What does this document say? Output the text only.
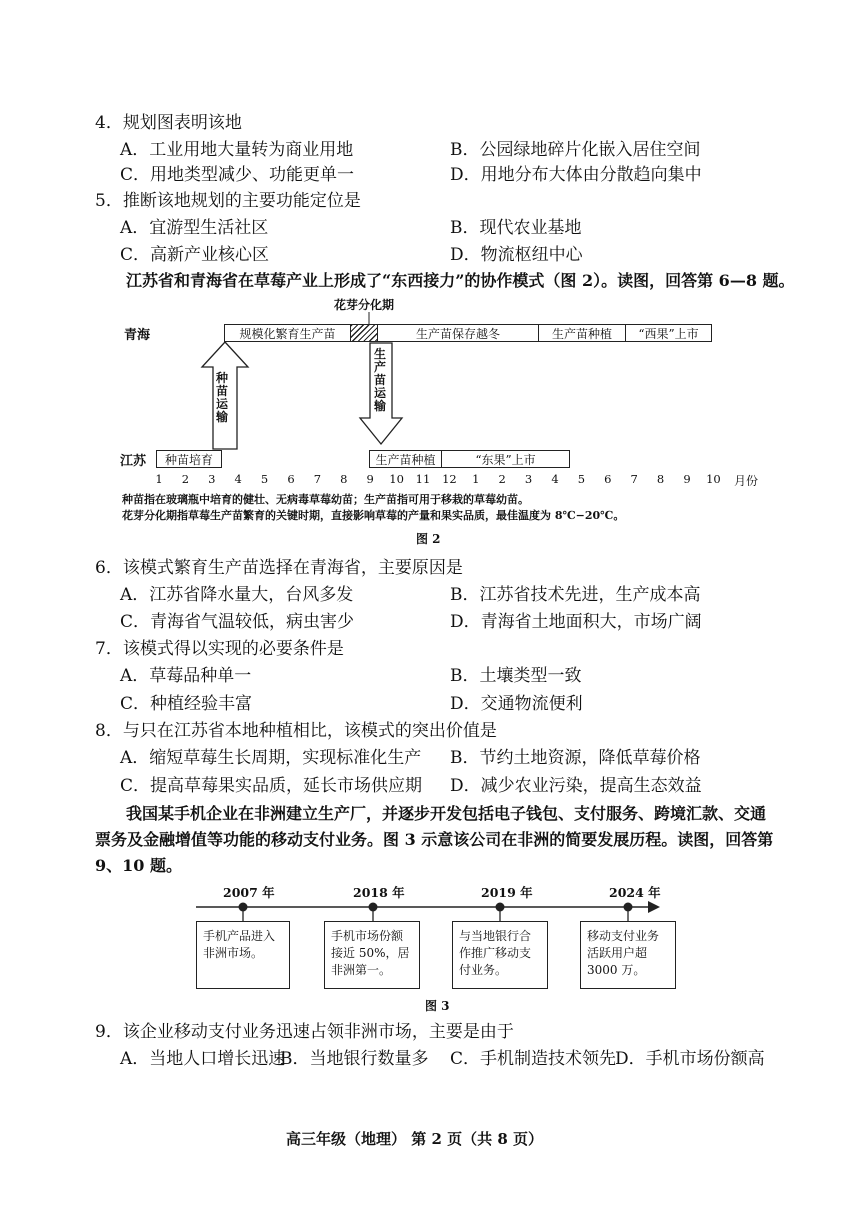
4．规划图表明该地
A．工业用地大量转为商业用地	B．公园绿地碎片化嵌入居住空间
C．用地类型减少、功能更单一	D．用地分布大体由分散趋向集中
5．推断该地规划的主要功能定位是
A．宜游型生活社区	B．现代农业基地
C．高新产业核心区	D．物流枢纽中心
江苏省和青海省在草莓产业上形成了“东西接力”的协作模式（图 2）。读图，回答第 6—8 题。
花芽分化期
青海	规模化繁育生产苗	生产苗保存越冬	生产苗种植 “西果”上市
种
苗
运
输
生
产
苗
运
输
江苏 种苗培育	生产苗种植	“东果”上市
1	2	3	4	5	6	7	8	9	10 11 12	1	2	3	4	5	6	7	8	9	10 月份
种苗指在玻璃瓶中培育的健壮、无病毒草莓幼苗；生产苗指可用于移栽的草莓幼苗。
花芽分化期指草莓生产苗繁育的关键时期，直接影响草莓的产量和果实品质，最佳温度为 8℃−20℃。
图 2
6．该模式繁育生产苗选择在青海省，主要原因是
A．江苏省降水量大，台风多发	B．江苏省技术先进，生产成本高
C．青海省气温较低，病虫害少	D．青海省土地面积大，市场广阔
7．该模式得以实现的必要条件是
A．草莓品种单一	B．土壤类型一致
C．种植经验丰富	D．交通物流便利
8．与只在江苏省本地种植相比，该模式的突出价值是
A．缩短草莓生长周期，实现标准化生产 B．节约土地资源，降低草莓价格
C．提高草莓果实品质，延长市场供应期 D．减少农业污染，提高生态效益
我国某手机企业在非洲建立生产厂，并逐步开发包括电子钱包、支付服务、跨境汇款、交通
票务及金融增值等功能的移动支付业务。图 3 示意该公司在非洲的简要发展历程。读图，回答第
9、10 题。
2007 年	2018 年	2019 年	2024 年
手机产品进入非洲市场。
手机市场份额接近 50%，居非洲第一。
与当地银行合作推广移动支付业务。
移动支付业务活跃用户超 3000 万。
图 3
9．该企业移动支付业务迅速占领非洲市场，主要是由于
A．当地人口增长迅速
B．当地银行数量多 C．手机制造技术领先
D．手机市场份额高
高三年级（地理） 第 2 页（共 8 页）
